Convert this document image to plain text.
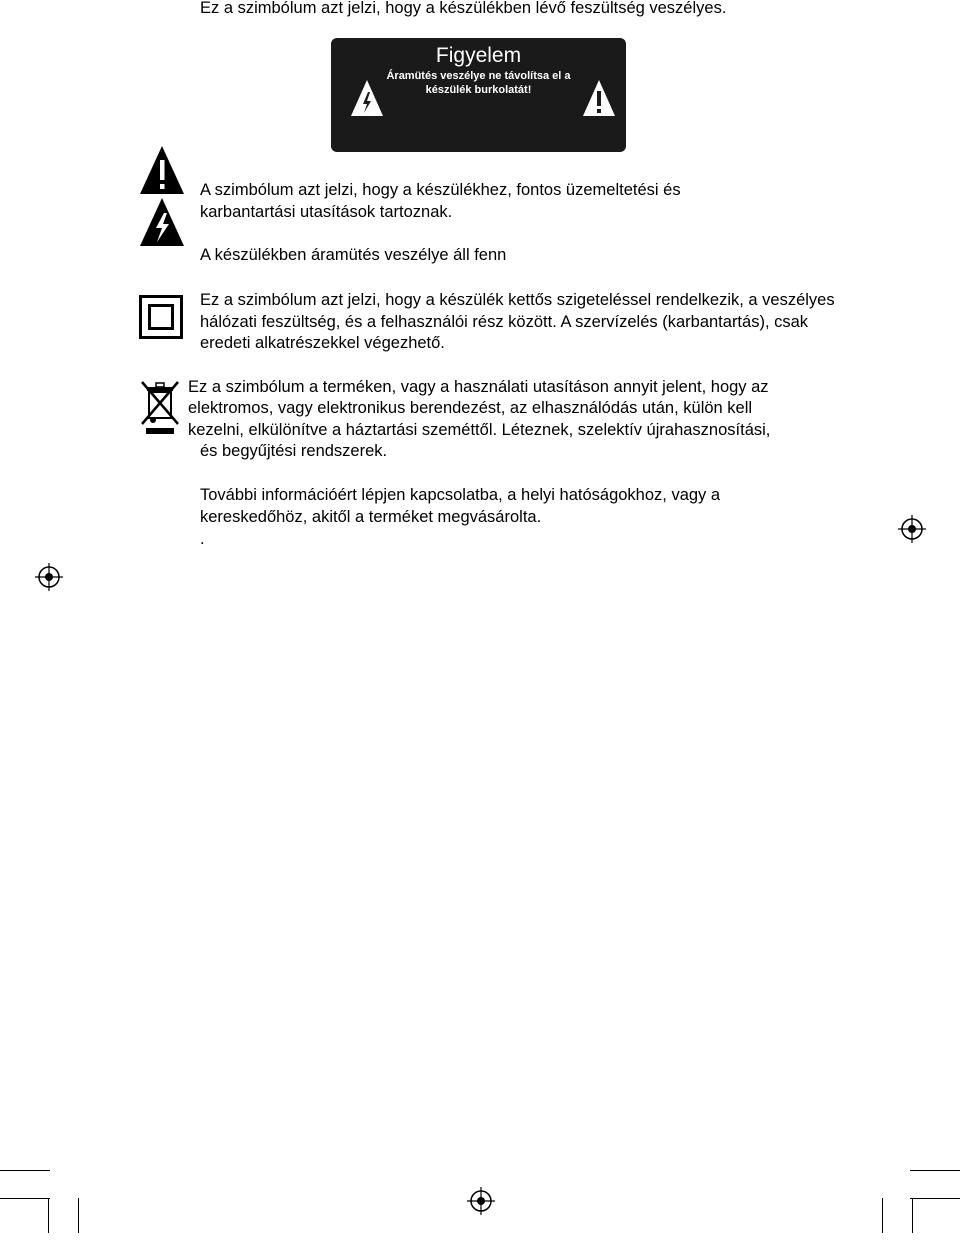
Ez a szimbólum azt jelzi, hogy a készülékben lévő feszültség veszélyes.

Figyelem
Áramütés veszélye ne távolítsa el a készülék burkolatát!

A szimbólum azt jelzi, hogy a készülékhez, fontos üzemeltetési és karbantartási utasítások tartoznak.

A készülékben áramütés veszélye áll fenn

Ez a szimbólum azt jelzi, hogy a készülék kettős szigeteléssel rendelkezik, a veszélyes hálózati feszültség, és a felhasználói rész között. A szervízelés (karbantartás), csak eredeti alkatrészekkel végezhető.

Ez a szimbólum a terméken, vagy a használati utasításon annyit jelent, hogy az

elektromos, vagy elektronikus berendezést, az elhasználódás után, külön kell

kezelni, elkülönítve a háztartási szeméttől. Léteznek, szelektív újrahasznosítási,

és begyűjtési rendszerek.

További információért lépjen kapcsolatba, a helyi hatóságokhoz, vagy a kereskedőhöz, akitől a terméket megvásárolta.

.
